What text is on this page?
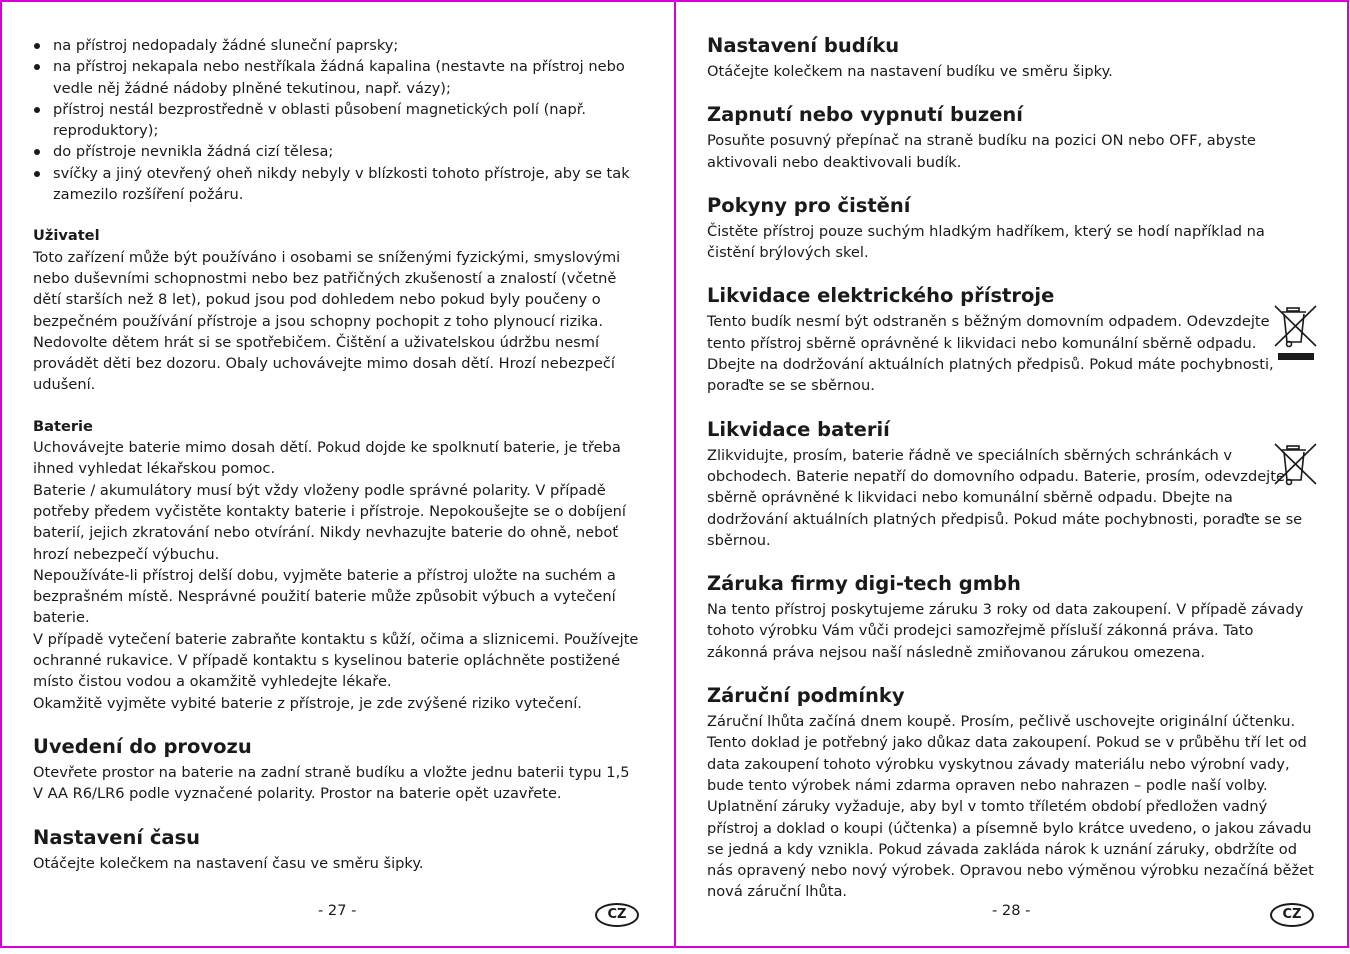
na přístroj nedopadaly žádné sluneční paprsky;
na přístroj nekapala nebo nestříkala žádná kapalina (nestavte na přístroj nebo vedle něj žádné nádoby plněné tekutinou, např. vázy);
přístroj nestál bezprostředně v oblasti působení magnetických polí (např. reproduktory);
do přístroje nevnikla žádná cizí tělesa;
svíčky a jiný otevřený oheň nikdy nebyly v blízkosti tohoto přístroje, aby se tak zamezilo rozšíření požáru.

Uživatel

Toto zařízení může být používáno i osobami se sníženými fyzickými, smyslovými nebo duševními schopnostmi nebo bez patřičných zkušeností a znalostí (včetně dětí starších než 8 let), pokud jsou pod dohledem nebo pokud byly poučeny o bezpečném používání přístroje a jsou schopny pochopit z toho plynoucí rizika. Nedovolte dětem hrát si se spotřebičem. Čištění a uživatelskou údržbu nesmí provádět děti bez dozoru. Obaly uchovávejte mimo dosah dětí. Hrozí nebezpečí udušení.

Baterie

Uchovávejte baterie mimo dosah dětí. Pokud dojde ke spolknutí baterie, je třeba ihned vyhledat lékařskou pomoc.

Baterie / akumulátory musí být vždy vloženy podle správné polarity. V případě potřeby předem vyčistěte kontakty baterie i přístroje. Nepokoušejte se o dobíjení baterií, jejich zkratování nebo otvírání. Nikdy nevhazujte baterie do ohně, neboť hrozí nebezpečí výbuchu.

Nepoužíváte-li přístroj delší dobu, vyjměte baterie a přístroj uložte na suchém a bezprašném místě. Nesprávné použití baterie může způsobit výbuch a vytečení baterie.

V případě vytečení baterie zabraňte kontaktu s kůží, očima a sliznicemi. Používejte ochranné rukavice. V případě kontaktu s kyselinou baterie opláchněte postižené místo čistou vodou a okamžitě vyhledejte lékaře.

Okamžitě vyjměte vybité baterie z přístroje, je zde zvýšené riziko vytečení.

Uvedení do provozu

Otevřete prostor na baterie na zadní straně budíku a vložte jednu baterii typu 1,5 V AA R6/LR6 podle vyznačené polarity. Prostor na baterie opět uzavřete.

Nastavení času

Otáčejte kolečkem na nastavení času ve směru šipky.

- 27 -	CZ
Nastavení budíku

Otáčejte kolečkem na nastavení budíku ve směru šipky.

Zapnutí nebo vypnutí buzení

Posuňte posuvný přepínač na straně budíku na pozici ON nebo OFF, abyste aktivovali nebo deaktivovali budík.

Pokyny pro čistění

Čistěte přístroj pouze suchým hladkým hadříkem, který se hodí například na čistění brýlových skel.

Likvidace elektrického přístroje

Tento budík nesmí být odstraněn s běžným domovním odpadem. Odevzdejte

tento přístroj sběrně oprávněné k likvidaci nebo komunální sběrně odpadu.

Dbejte na dodržování aktuálních platných předpisů. Pokud máte pochybnosti, poraďte se se sběrnou.

Likvidace baterií

Zlikvidujte, prosím, baterie řádně ve speciálních sběrných schránkách v

obchodech. Baterie nepatří do domovního odpadu. Baterie, prosím, odevzdejte

sběrně oprávněné k likvidaci nebo komunální sběrně odpadu. Dbejte na dodržování aktuálních platných předpisů. Pokud máte pochybnosti, poraďte se se sběrnou.

Záruka firmy digi-tech gmbh

Na tento přístroj poskytujeme záruku 3 roky od data zakoupení. V případě závady tohoto výrobku Vám vůči prodejci samozřejmě přísluší zákonná práva. Tato zákonná práva nejsou naší následně zmiňovanou zárukou omezena.

Záruční podmínky

Záruční lhůta začíná dnem koupě. Prosím, pečlivě uschovejte originální účtenku. Tento doklad je potřebný jako důkaz data zakoupení. Pokud se v průběhu tří let od data zakoupení tohoto výrobku vyskytnou závady materiálu nebo výrobní vady, bude tento výrobek námi zdarma opraven nebo nahrazen – podle naší volby. Uplatnění záruky vyžaduje, aby byl v tomto tříletém období předložen vadný přístroj a doklad o koupi (účtenka) a písemně bylo krátce uvedeno, o jakou závadu se jedná a kdy vznikla. Pokud závada zakláda nárok k uznání záruky, obdržíte od nás opravený nebo nový výrobek. Opravou nebo výměnou výrobku nezačíná běžet nová záruční lhůta.

- 28 -	CZ
